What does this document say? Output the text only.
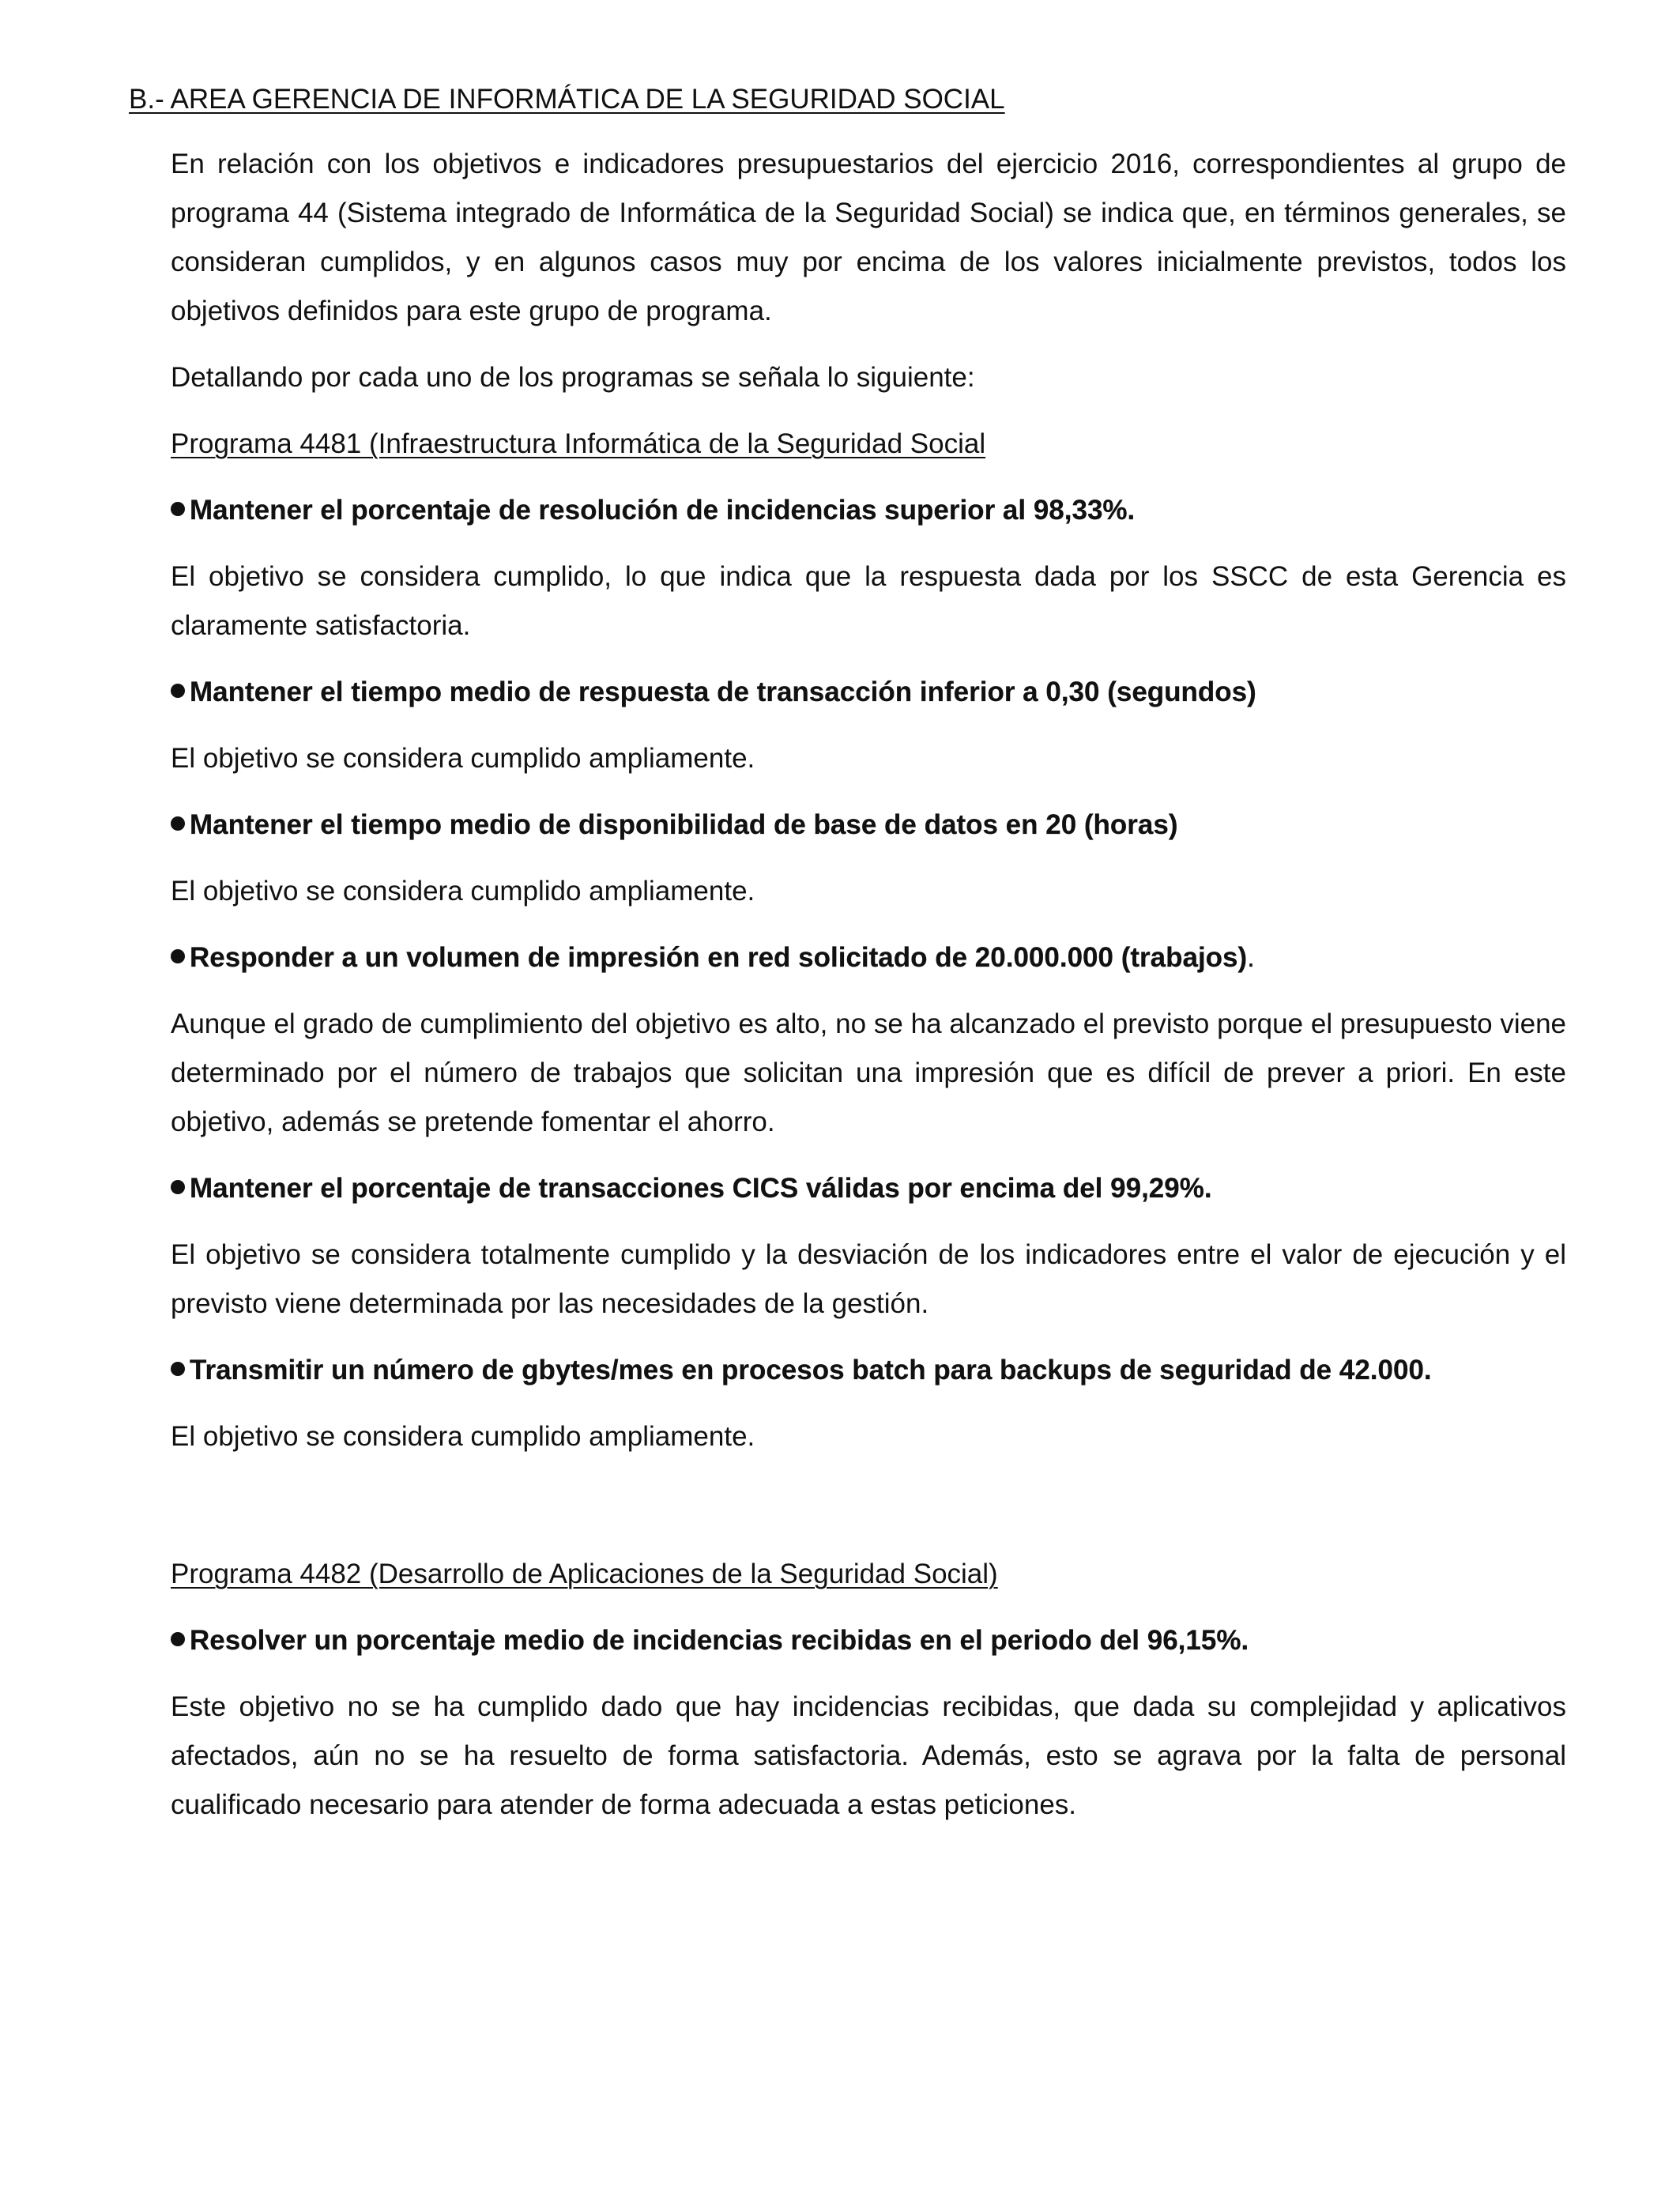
B.- AREA GERENCIA DE INFORMÁTICA DE LA SEGURIDAD SOCIAL

En relación con los objetivos e indicadores presupuestarios del ejercicio 2016, correspondientes al grupo de programa 44 (Sistema integrado de Informática de la Seguridad Social) se indica que, en términos generales, se consideran cumplidos, y en algunos casos muy por encima de los valores inicialmente previstos, todos los objetivos definidos para este grupo de programa.

Detallando por cada uno de los programas se señala lo siguiente:

Programa 4481 (Infraestructura Informática de la Seguridad Social
Mantener el porcentaje de resolución de incidencias superior al 98,33%.

El objetivo se considera cumplido, lo que indica que la respuesta dada por los SSCC de esta Gerencia es claramente satisfactoria.

Mantener el tiempo medio de respuesta de transacción inferior a 0,30 (segundos)

El objetivo se considera cumplido ampliamente.

Mantener el tiempo medio de disponibilidad de base de datos en 20 (horas)

El objetivo se considera cumplido ampliamente.

Responder a un volumen de impresión en red solicitado de 20.000.000 (trabajos).

Aunque el grado de cumplimiento del objetivo es alto, no se ha alcanzado el previsto porque el presupuesto viene determinado por el número de trabajos que solicitan una impresión que es difícil de prever a priori. En este objetivo, además se pretende fomentar el ahorro.

Mantener el porcentaje de transacciones CICS válidas por encima del 99,29%.

El objetivo se considera totalmente cumplido y la desviación de los indicadores entre el valor de ejecución y el previsto viene determinada por las necesidades de la gestión.

Transmitir un número de gbytes/mes en procesos batch para backups de seguridad de 42.000.

El objetivo se considera cumplido ampliamente.

Programa 4482 (Desarrollo de Aplicaciones de la Seguridad Social)
Resolver un porcentaje medio de incidencias recibidas en el periodo del 96,15%.

Este objetivo no se ha cumplido dado que hay incidencias recibidas, que dada su complejidad y aplicativos afectados, aún no se ha resuelto de forma satisfactoria. Además, esto se agrava por la falta de personal cualificado necesario para atender de forma adecuada a estas peticiones.
